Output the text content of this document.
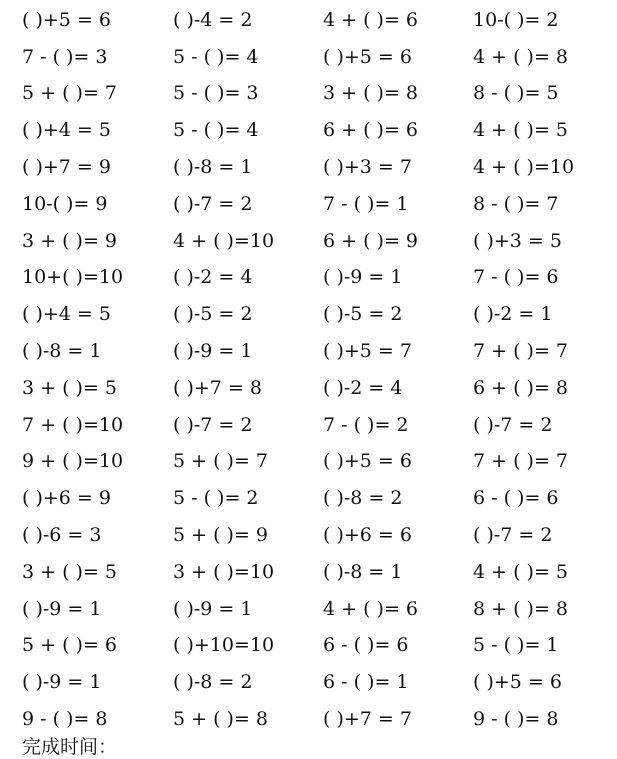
( )+5 = 6	( )-4 = 2	4 + ( )= 6	10-( )= 2
7 - ( )= 3	5 - ( )= 4	( )+5 = 6	4 + ( )= 8
5 + ( )= 7	5 - ( )= 3	3 + ( )= 8	8 - ( )= 5
( )+4 = 5	5 - ( )= 4	6 + ( )= 6	4 + ( )= 5
( )+7 = 9	( )-8 = 1	( )+3 = 7	4 + ( )=10
10-( )= 9	( )-7 = 2	7 - ( )= 1	8 - ( )= 7
3 + ( )= 9	4 + ( )=10	6 + ( )= 9	( )+3 = 5
10+( )=10	( )-2 = 4	( )-9 = 1	7 - ( )= 6
( )+4 = 5	( )-5 = 2	( )-5 = 2	( )-2 = 1
( )-8 = 1	( )-9 = 1	( )+5 = 7	7 + ( )= 7
3 + ( )= 5	( )+7 = 8	( )-2 = 4	6 + ( )= 8
7 + ( )=10	( )-7 = 2	7 - ( )= 2	( )-7 = 2
9 + ( )=10	5 + ( )= 7	( )+5 = 6	7 + ( )= 7
( )+6 = 9	5 - ( )= 2	( )-8 = 2	6 - ( )= 6
( )-6 = 3	5 + ( )= 9	( )+6 = 6	( )-7 = 2
3 + ( )= 5	3 + ( )=10	( )-8 = 1	4 + ( )= 5
( )-9 = 1	( )-9 = 1	4 + ( )= 6	8 + ( )= 8
5 + ( )= 6	( )+10=10	6 - ( )= 6	5 - ( )= 1
( )-9 = 1	( )-8 = 2	6 - ( )= 1	( )+5 = 6
9 - ( )= 8	5 + ( )= 8	( )+7 = 7	9 - ( )= 8
完成时间：
